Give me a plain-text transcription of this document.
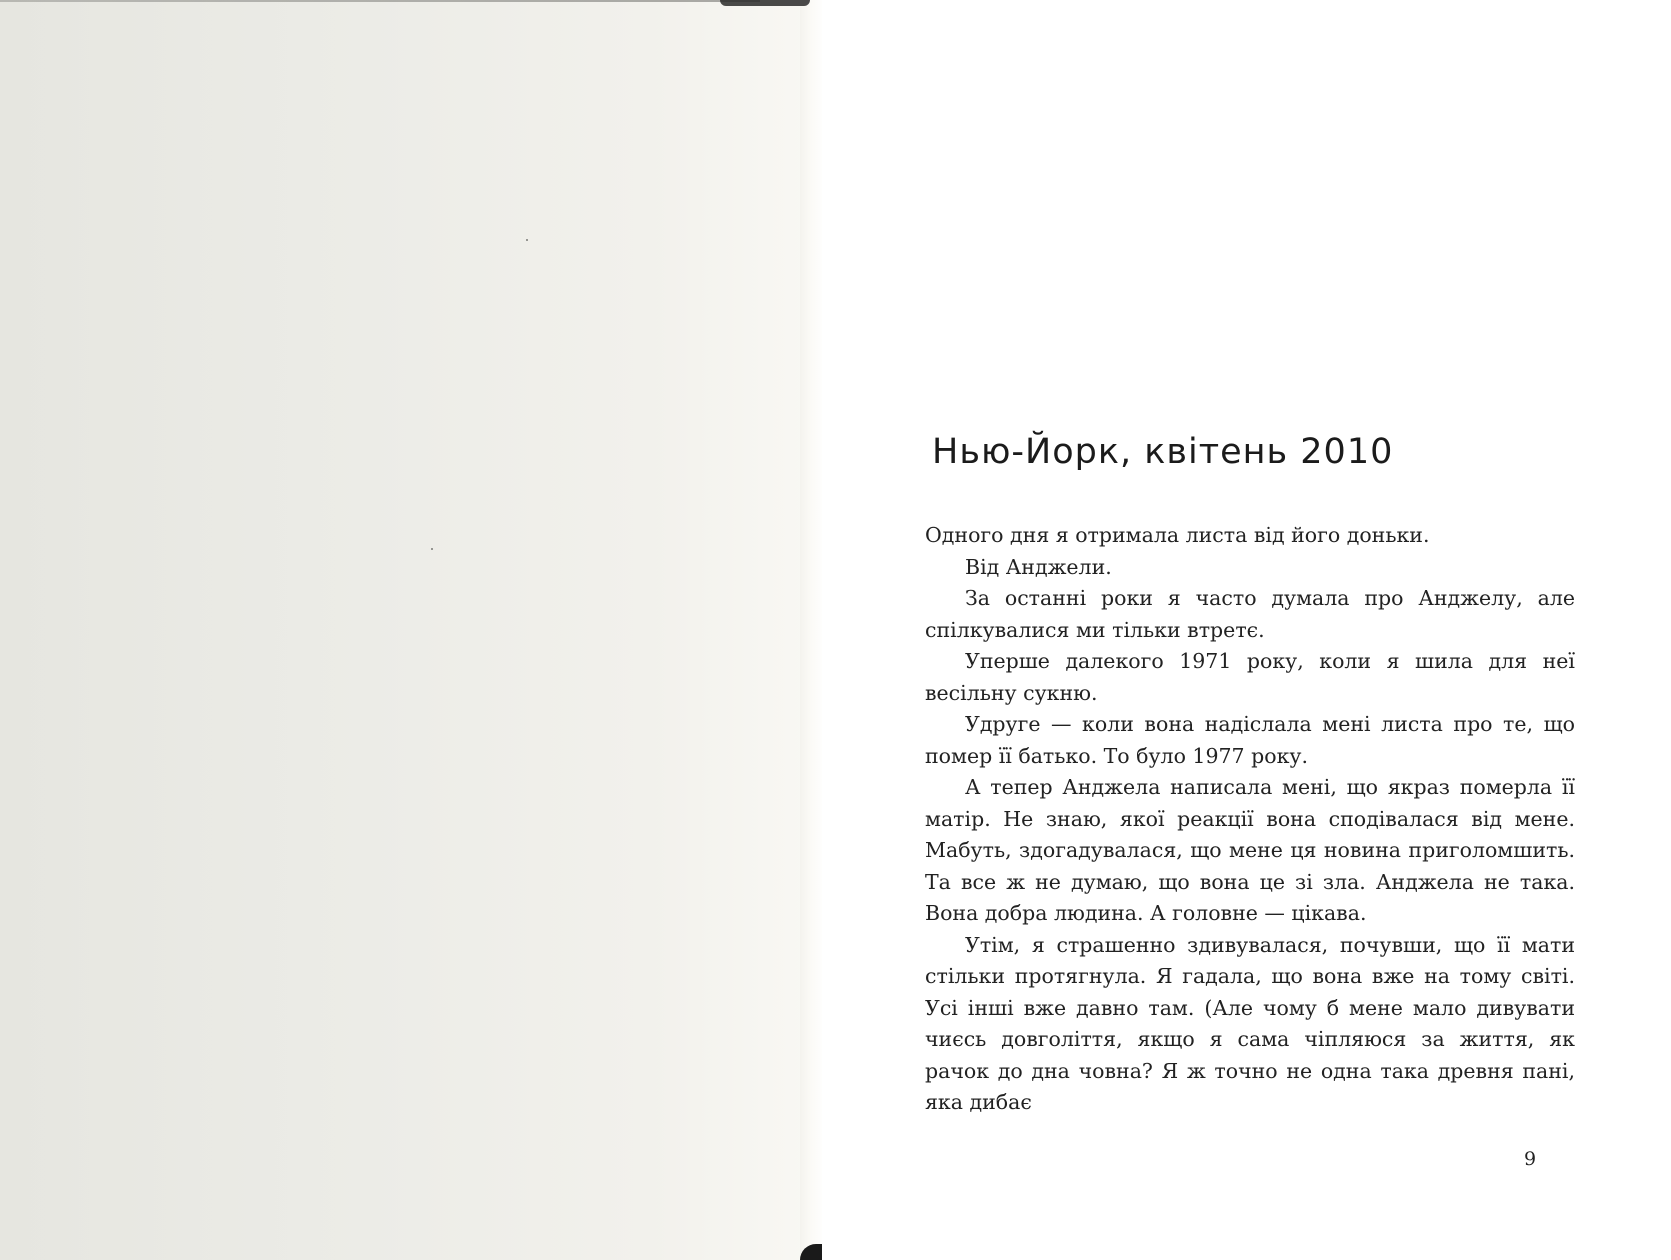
Нью-Йорк, квітень 2010

Одного дня я отримала листа від його доньки.

Від Анджели.

За останні роки я часто думала про Анджелу, але спілкувалися ми тільки втретє.

Уперше далекого 1971 року, коли я шила для неї весільну сукню.

Удруге — коли вона надіслала мені листа про те, що помер її батько. То було 1977 року.

А тепер Анджела написала мені, що якраз померла її матір. Не знаю, якої реакції вона сподівалася від мене. Мабуть, здогадувалася, що мене ця новина приголомшить. Та все ж не думаю, що вона це зі зла. Анджела не така. Вона добра людина. А головне — цікава.

Утім, я страшенно здивувалася, почувши, що її мати стільки протягнула. Я гадала, що вона вже на тому світі. Усі інші вже давно там. (Але чому б мене мало дивувати чиєсь довголіття, якщо я сама чіпляюся за життя, як рачок до дна човна? Я ж точно не одна така древня пані, яка дибає

9
